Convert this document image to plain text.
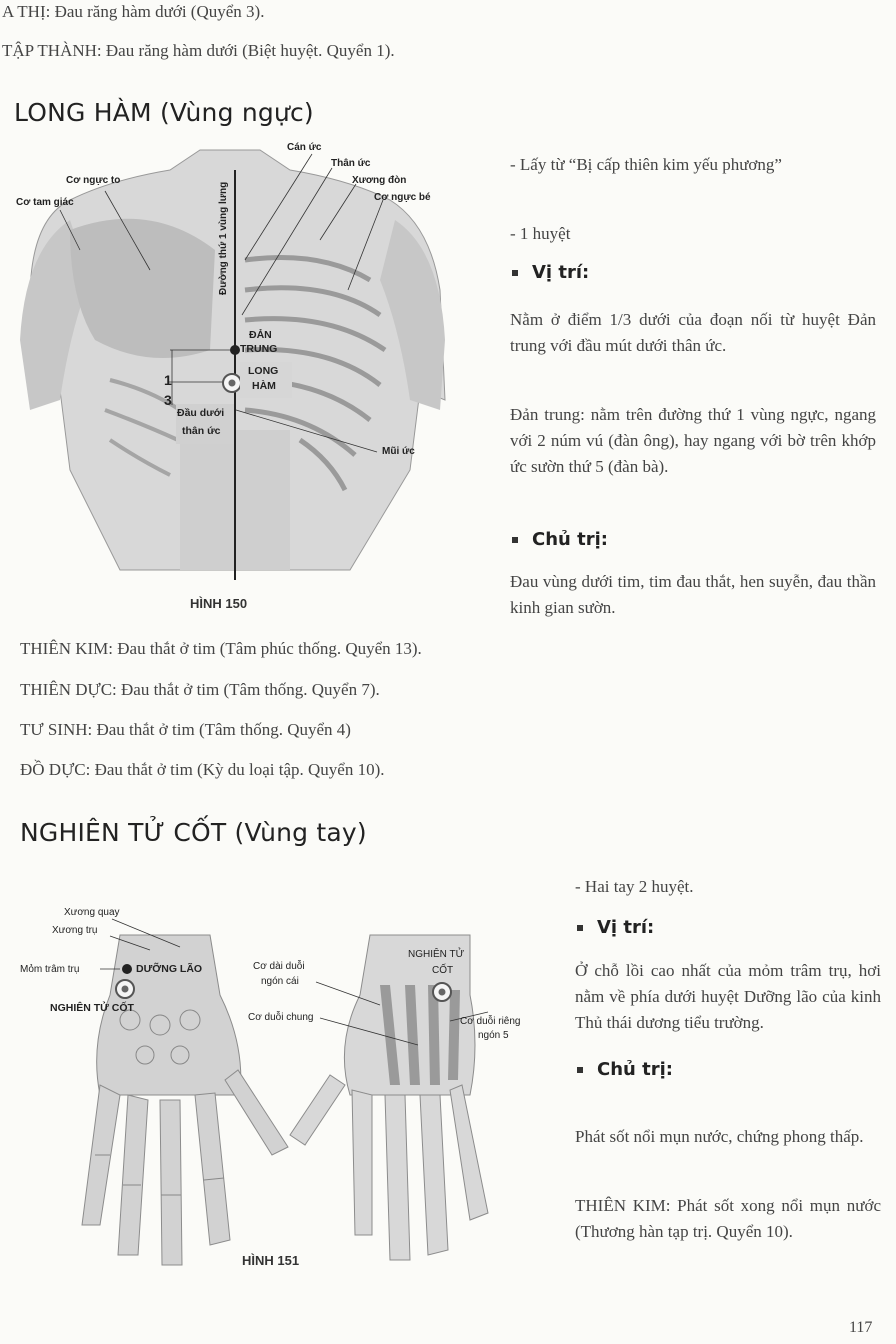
A THỊ: Đau răng hàm dưới (Quyển 3).
TẬP THÀNH: Đau răng hàm dưới (Biệt huyệt. Quyển 1).
LONG HÀM (Vùng ngực)
Cán ức
Thân ức
Xương đòn
Cơ ngực bé
Cơ ngực to
Cơ tam giác	Đường thứ 1 vùng lưng
ĐẢN
TRUNG
LONG
HÀM
1
3
Đầu dưới
thân ức
Mũi ức
HÌNH 150
- Lấy từ “Bị cấp thiên kim yếu phương”
- 1 huyệt
Vị trí:
Nằm ở điểm 1/3 dưới của đoạn nối từ huyệt Đản trung với đầu mút dưới thân ức.
Đản trung: nằm trên đường thứ 1 vùng ngực, ngang với 2 núm vú (đàn ông), hay ngang với bờ trên khớp ức sườn thứ 5 (đàn bà).
Chủ trị:
Đau vùng dưới tim, tim đau thắt, hen suyễn, đau thần kinh gian sườn.
THIÊN KIM: Đau thắt ở tim (Tâm phúc thống. Quyển 13).
THIÊN DỰC: Đau thắt ở tim (Tâm thống. Quyển 7).
TƯ SINH: Đau thắt ở tim (Tâm thống. Quyển 4)
ĐỒ DỰC: Đau thắt ở tim (Kỳ du loại tập. Quyển 10).
NGHIÊN TỬ CỐT (Vùng tay)
Xương quay
Xương trụ
Mỏm trâm trụ	DƯỠNG LÃO
NGHIÊN TỬ CỐT
Cơ dài duỗi
ngón cái
Cơ duỗi chung
NGHIÊN TỬ
CỐT
Cơ duỗi riêng
ngón 5
HÌNH 151
- Hai tay 2 huyệt.
Vị trí:
Ở chỗ lồi cao nhất của mỏm trâm trụ, hơi nằm về phía dưới huyệt Dưỡng lão của kinh Thủ thái dương tiểu trường.
Chủ trị:
Phát sốt nổi mụn nước, chứng phong thấp.
THIÊN KIM: Phát sốt xong nổi mụn nước (Thương hàn tạp trị. Quyển 10).
117
